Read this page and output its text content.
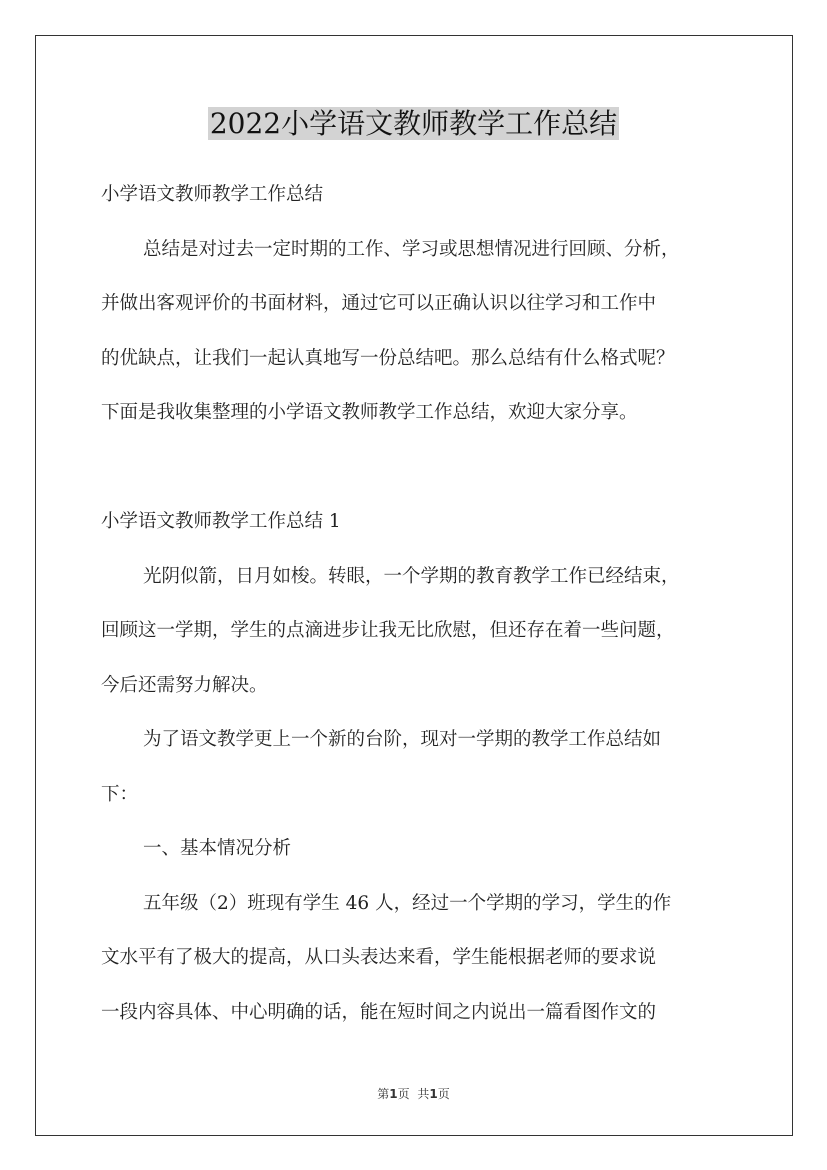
2022小学语文教师教学工作总结
小学语文教师教学工作总结
总结是对过去一定时期的工作、学习或思想情况进行回顾、分析，
并做出客观评价的书面材料，通过它可以正确认识以往学习和工作中
的优缺点，让我们一起认真地写一份总结吧。那么总结有什么格式呢？
下面是我收集整理的小学语文教师教学工作总结，欢迎大家分享。
小学语文教师教学工作总结 1
光阴似箭，日月如梭。转眼，一个学期的教育教学工作已经结束，
回顾这一学期，学生的点滴进步让我无比欣慰，但还存在着一些问题，
今后还需努力解决。
为了语文教学更上一个新的台阶，现对一学期的教学工作总结如
下：
一、基本情况分析
五年级（2）班现有学生 46 人，经过一个学期的学习，学生的作
文水平有了极大的提高，从口头表达来看，学生能根据老师的要求说
一段内容具体、中心明确的话，能在短时间之内说出一篇看图作文的
第1页 共1页
